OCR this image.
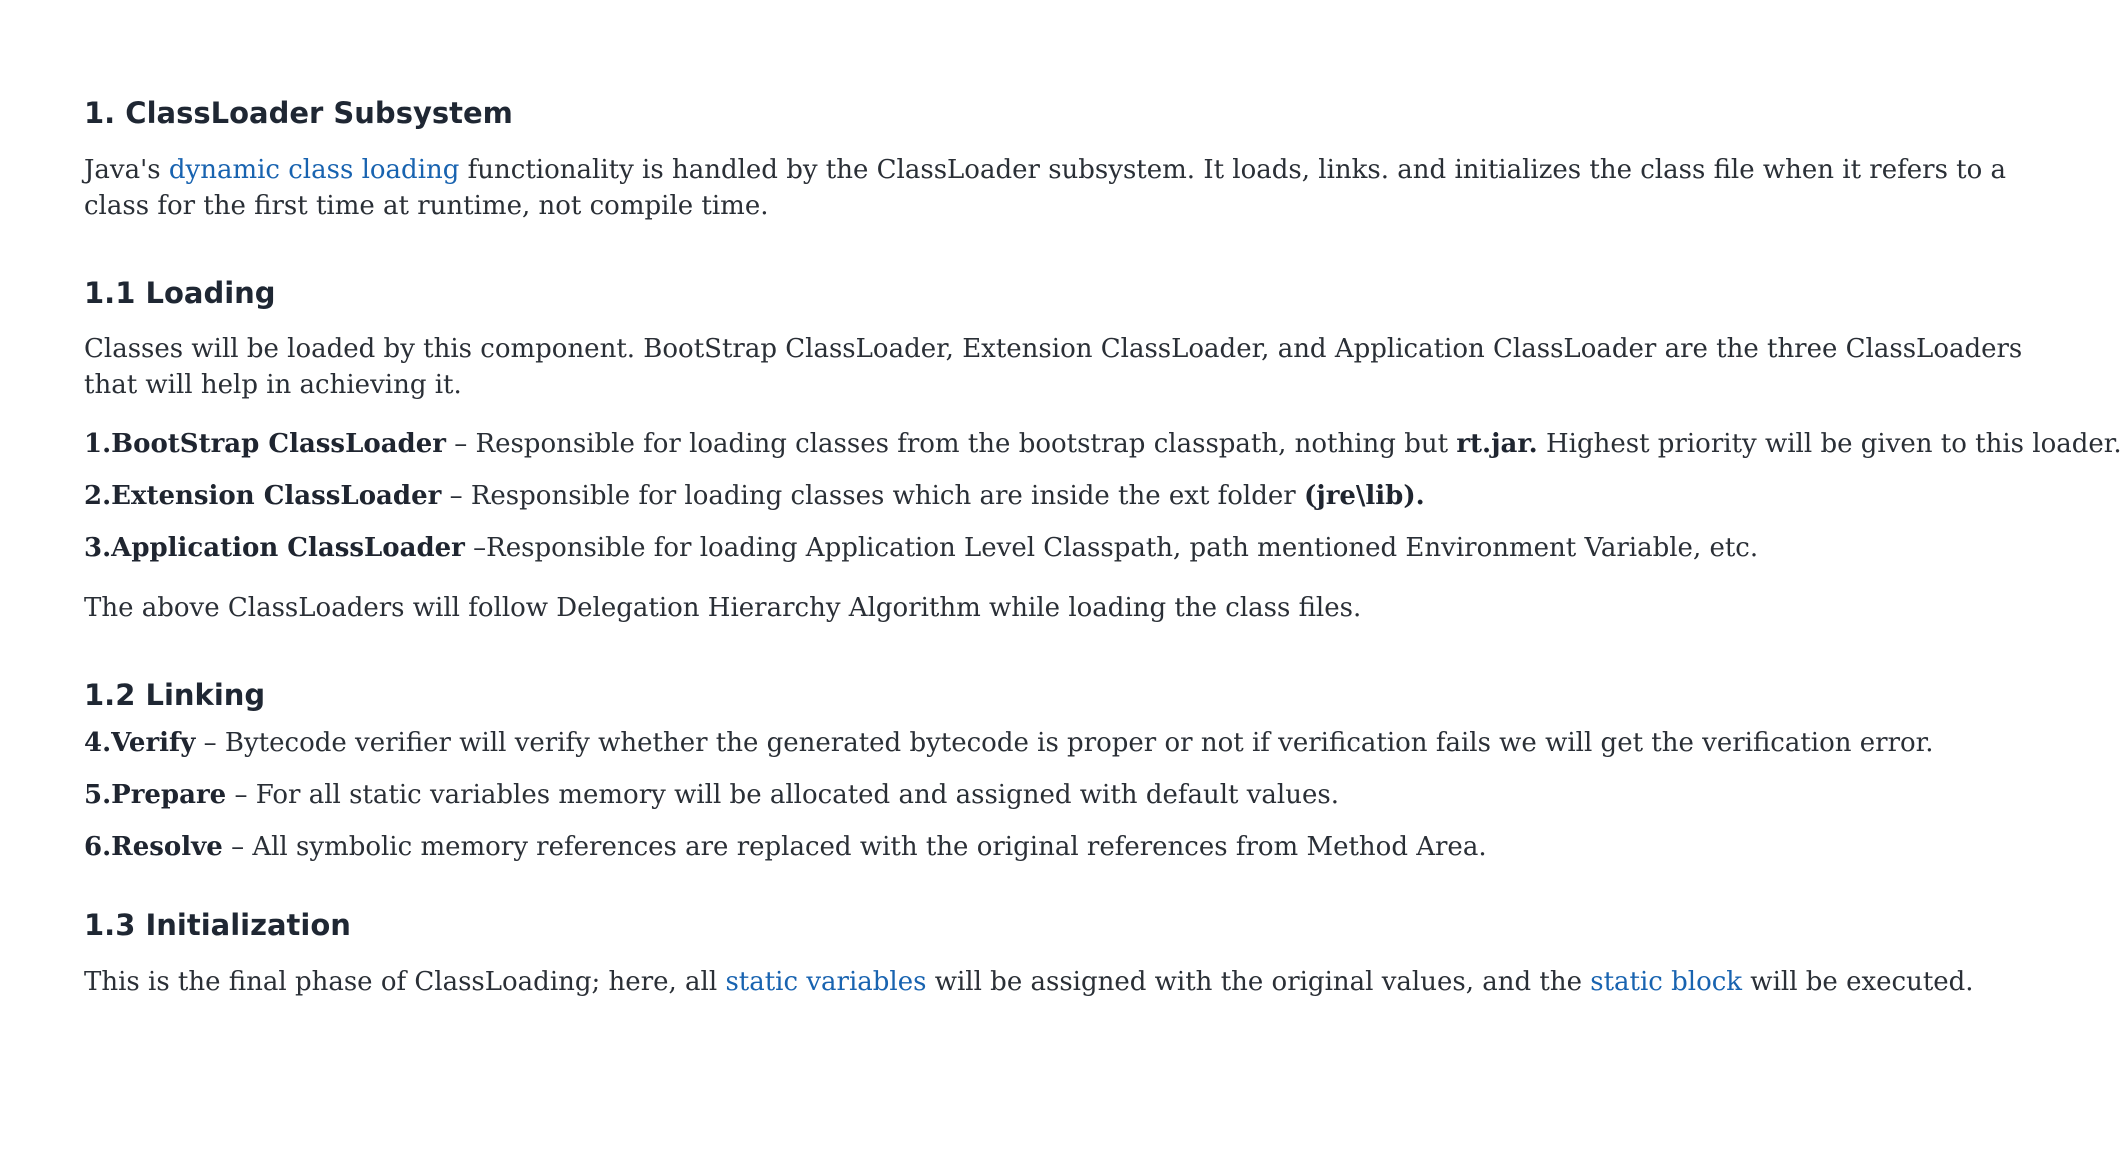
1. ClassLoader Subsystem

Java's dynamic class loading functionality is handled by the ClassLoader subsystem. It loads, links. and initializes the class file when it refers to a class for the first time at runtime, not compile time.

1.1 Loading

Classes will be loaded by this component. BootStrap ClassLoader, Extension ClassLoader, and Application ClassLoader are the three ClassLoaders that will help in achieving it.

1.BootStrap ClassLoader – Responsible for loading classes from the bootstrap classpath, nothing but rt.jar. Highest priority will be given to this loader.

2.Extension ClassLoader – Responsible for loading classes which are inside the ext folder (jre\lib).

3.Application ClassLoader –Responsible for loading Application Level Classpath, path mentioned Environment Variable, etc.

The above ClassLoaders will follow Delegation Hierarchy Algorithm while loading the class files.

1.2 Linking

4.Verify – Bytecode verifier will verify whether the generated bytecode is proper or not if verification fails we will get the verification error.

5.Prepare – For all static variables memory will be allocated and assigned with default values.

6.Resolve – All symbolic memory references are replaced with the original references from Method Area.

1.3 Initialization

This is the final phase of ClassLoading; here, all static variables will be assigned with the original values, and the static block will be executed.
